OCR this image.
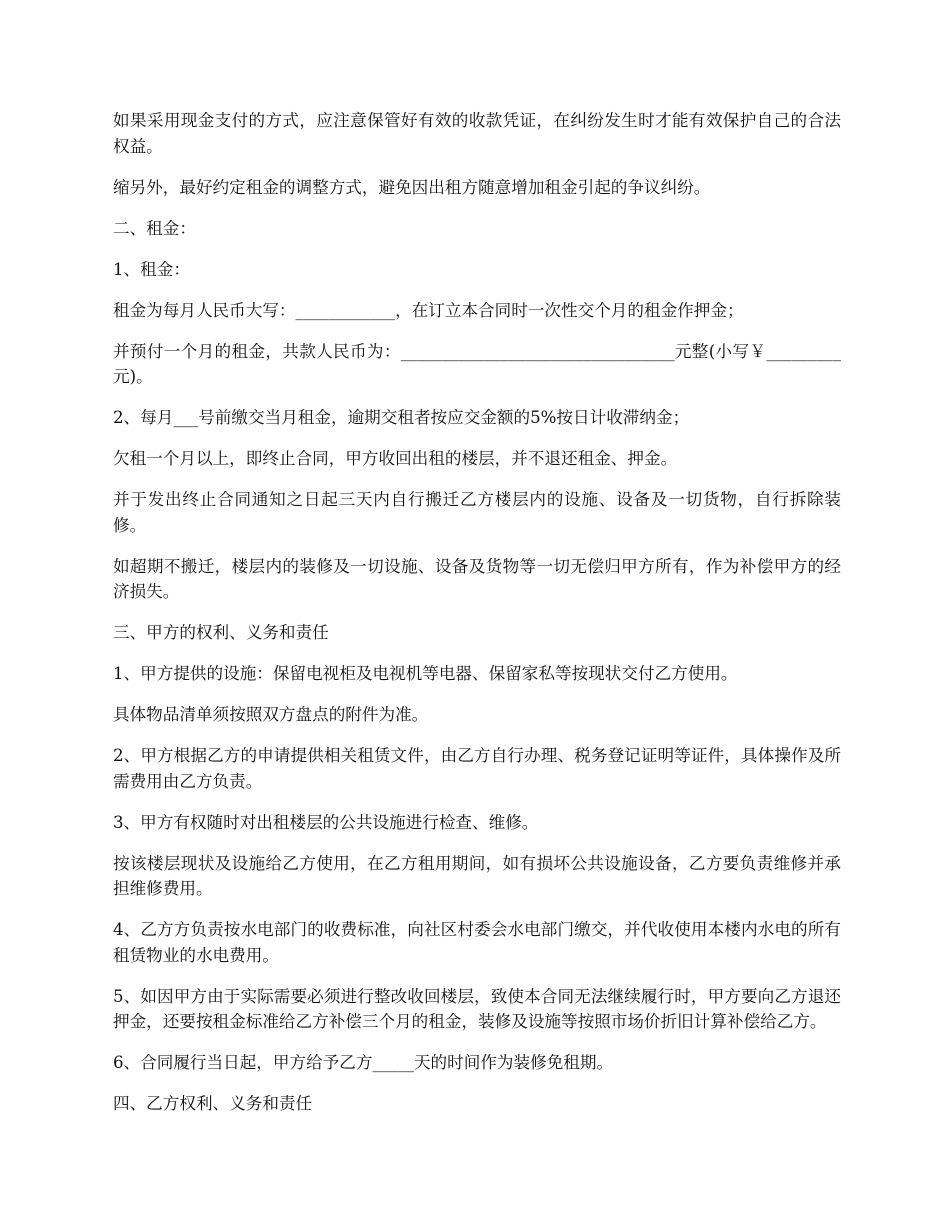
如果采用现金支付的方式，应注意保管好有效的收款凭证，在纠纷发生时才能有效保护自己的合法权益。

缩另外，最好约定租金的调整方式，避免因出租方随意增加租金引起的争议纠纷。

二、租金：

1、租金：

租金为每月人民币大写：____________，在订立本合同时一次性交个月的租金作押金；

并预付一个月的租金，共款人民币为：_________________________________元整(小写￥_________元)。

2、每月___号前缴交当月租金，逾期交租者按应交金额的5%按日计收滞纳金；

欠租一个月以上，即终止合同，甲方收回出租的楼层，并不退还租金、押金。

并于发出终止合同通知之日起三天内自行搬迁乙方楼层内的设施、设备及一切货物，自行拆除装修。

如超期不搬迁，楼层内的装修及一切设施、设备及货物等一切无偿归甲方所有，作为补偿甲方的经济损失。

三、甲方的权利、义务和责任

1、甲方提供的设施：保留电视柜及电视机等电器、保留家私等按现状交付乙方使用。

具体物品清单须按照双方盘点的附件为准。

2、甲方根据乙方的申请提供相关租赁文件，由乙方自行办理、税务登记证明等证件，具体操作及所需费用由乙方负责。

3、甲方有权随时对出租楼层的公共设施进行检查、维修。

按该楼层现状及设施给乙方使用，在乙方租用期间，如有损坏公共设施设备，乙方要负责维修并承担维修费用。

4、乙方方负责按水电部门的收费标准，向社区村委会水电部门缴交，并代收使用本楼内水电的所有租赁物业的水电费用。

5、如因甲方由于实际需要必须进行整改收回楼层，致使本合同无法继续履行时，甲方要向乙方退还押金，还要按租金标准给乙方补偿三个月的租金，装修及设施等按照市场价折旧计算补偿给乙方。

6、合同履行当日起，甲方给予乙方_____天的时间作为装修免租期。

四、乙方权利、义务和责任
